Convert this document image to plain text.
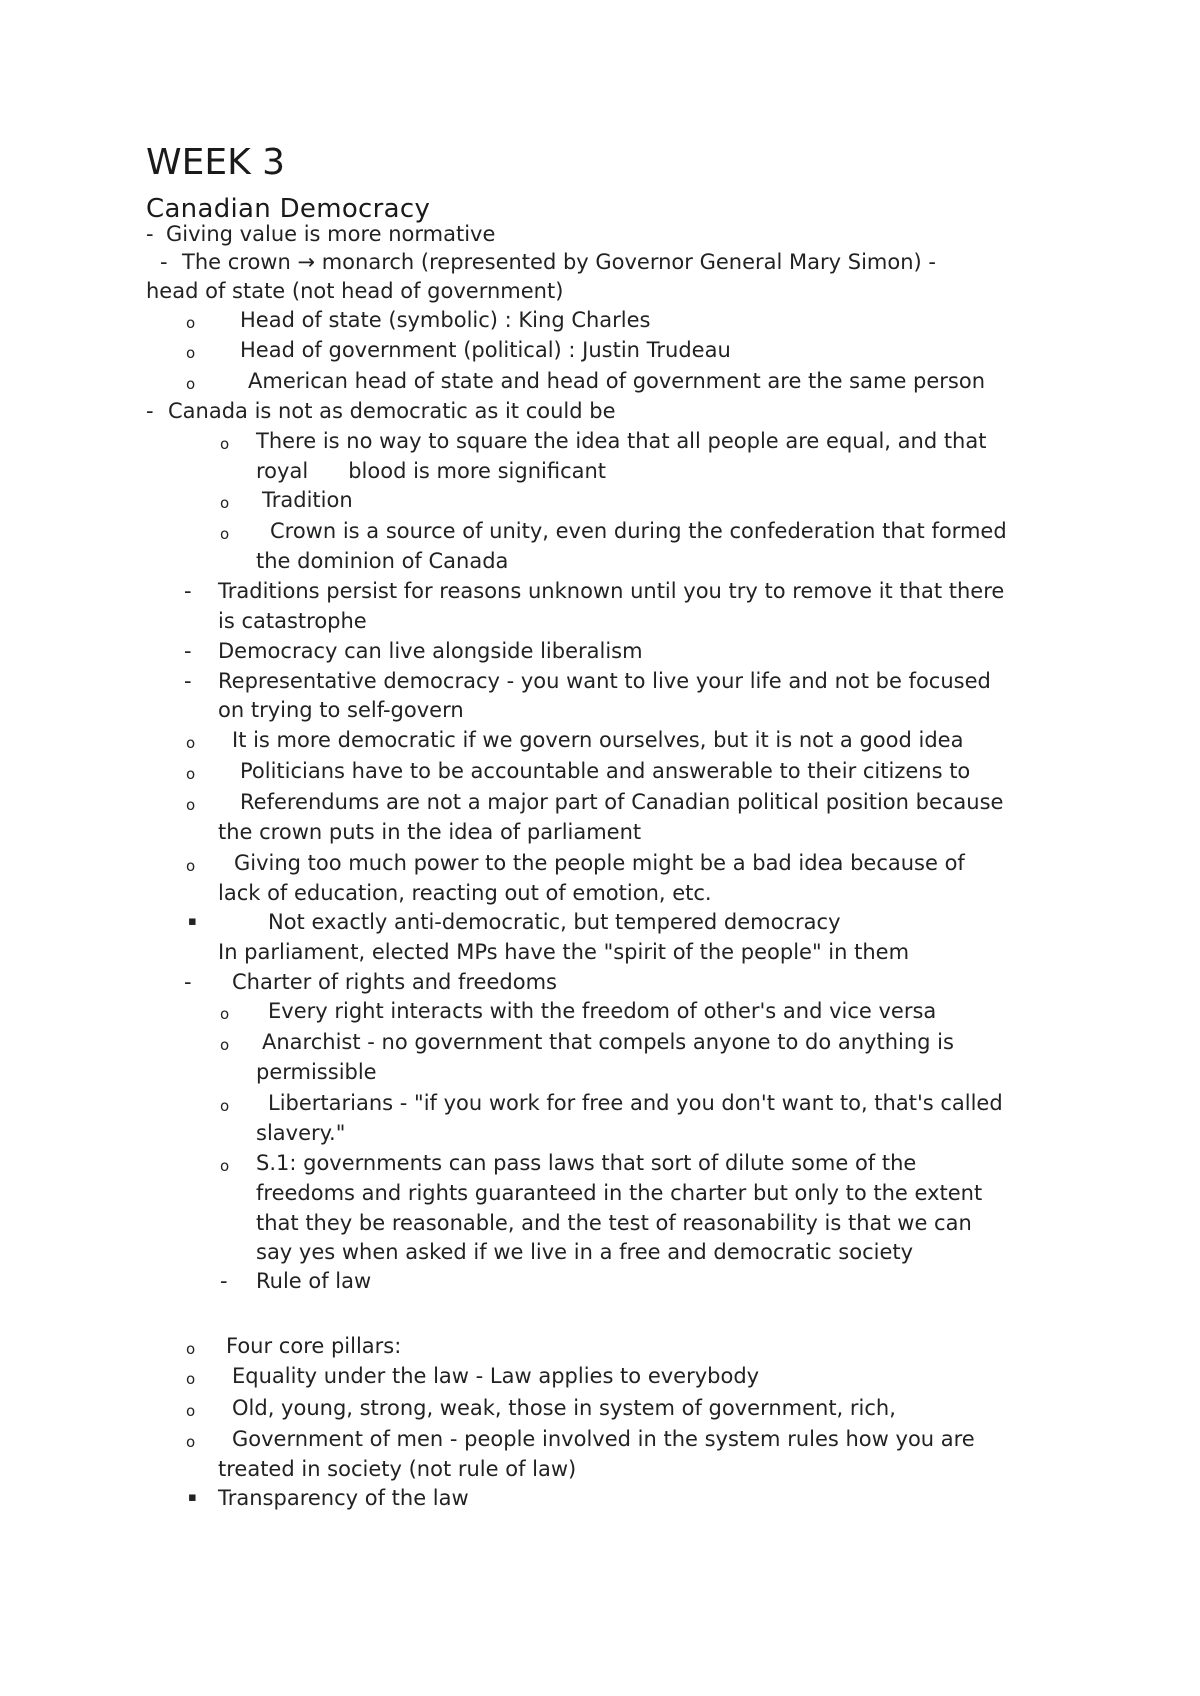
WEEK 3
Canadian Democracy
- Giving value is more normative
- The crown → monarch (represented by Governor General Mary Simon) -
head of state (not head of government)
o Head of state (symbolic) : King Charles
o Head of government (political) : Justin Trudeau
o	American head of state and head of government are the same person
- Canada is not as democratic as it could be
o There is no way to square the idea that all people are equal, and that
royal      blood is more significant
o Tradition
o Crown is a source of unity, even during the confederation that formed
the dominion of Canada
- Traditions persist for reasons unknown until you try to remove it that there
is catastrophe
- Democracy can live alongside liberalism
- Representative democracy - you want to live your life and not be focused
on trying to self-govern
o It is more democratic if we govern ourselves, but it is not a good idea
o Politicians have to be accountable and answerable to their citizens to
o Referendums are not a major part of Canadian political position because
the crown puts in the idea of parliament
o Giving too much power to the people might be a bad idea because of
lack of education, reacting out of emotion, etc.
▪	Not exactly anti-democratic, but tempered democracy
In parliament, elected MPs have the "spirit of the people" in them
- Charter of rights and freedoms
o Every right interacts with the freedom of other's and vice versa
o Anarchist - no government that compels anyone to do anything is
permissible
o Libertarians - "if you work for free and you don't want to, that's called
slavery."
o S.1: governments can pass laws that sort of dilute some of the
freedoms and rights guaranteed in the charter but only to the extent
that they be reasonable, and the test of reasonability is that we can
say yes when asked if we live in a free and democratic society
- Rule of law
o Four core pillars:
o Equality under the law - Law applies to everybody
o Old, young, strong, weak, those in system of government, rich,
o Government of men - people involved in the system rules how you are
treated in society (not rule of law)
▪ Transparency of the law
